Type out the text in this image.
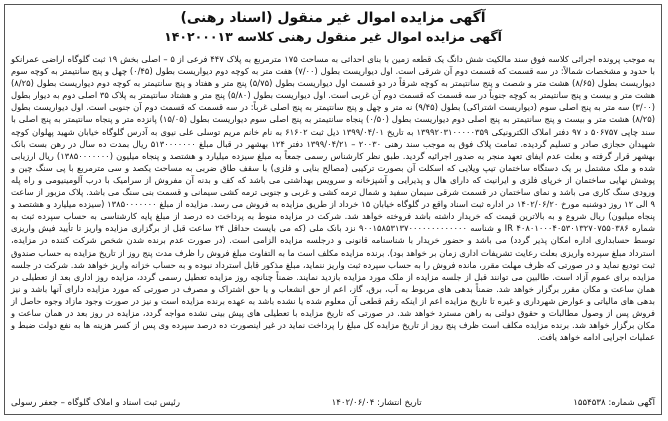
آگهی مزایده اموال غیر منقول (اسناد رهنی)
آگهی مزایده اموال غیر منقول رهنی کلاسه ۱۴۰۲۰۰۰۱۳
به موجب پرونده اجرائی کلاسه فوق سند مالکیت شش دانگ یک قطعه زمین با بنای احداثی به مساحت ۱۷۵ مترمربع به پلاک ۴۴۷ فرعی از ۵ – اصلی بخش ۱۹ ثبت گلوگاه اراضی عمرانکو با حدود و مشخصات شمالاً: در سه قسمت که قسمت دوم آن شرقی است. اول دیواریست بطول (۷/۰۰) هفت متر به کوچه دوم دیواریست بطول (۰/۴۵) چهل و پنج سانتیمتر به کوچه سوم دیواریست بطول (۸/۶۵) هشت متر و شصت و پنج سانتیمتر به کوچه شرقاً در دو قسمت اول دیواریست بطول (۵/۷۵) پنج متر و هفتاد و پنج سانتیمتر به کوچه دوم دیواریست بطول (۸/۲۵) هشت متر و بیست و پنج سانتیمتر به کوچه جنوباً در سه قسمت که قسمت دوم آن غربی است. اول دیواریست بطول (۵/۸۰) پنج متر و هشتاد سانتیمتر به پلاک ۳۵ اصلی دوم به دیوار بطول (۳/۰۰) سه متر به پنج اصلی سوم (دیواریست اشتراکی) بطول (۹/۴۵) نه متر و چهل و پنج سانتیمتر به پنج اصلی غرباً: در سه قسمت که قسمت دوم آن جنوبی است. اول دیواریست بطول (۸/۲۵) هشت متر و بیست و پنج سانتیمتر به پنج اصلی دوم دیواریست بطول (۰/۵۰) پنجاه سانتیمتر به پنج اصلی سوم دیواریست بطول (۱۵/۰۵) پانزده متر و پنجاه سانتیمتر به پنج اصلی با سند چاپی ۵۰۶۷۵۷ د ۹۷ دفتر املاک الکترونیکی ۱۳۹۹۲۰۳۱۰۰۰۰۰۳۵۹ به تاریخ ۱۳۹۹/۰۴/۰۱ ذیل ثبت ۶۱۶۰۲ به نام خانم مریم توسلی علی نیوی به آدرس گلوگاه خیابان شهید پهلوان کوچه شهیدان حجازی صادر و تسلیم گردیده. تمامت پلاک فوق به موجب سند رهنی ۲۰۰۳۰ – ۱۳۹۹/۰۴/۲۱ دفتر ۱۲۴ بهشهر در قبال مبلغ ۵۱۳۰۰۰۰۰۰۰ ریال بمدت ده سال در رهن بست بانک بهشهر قرار گرفته و بعلت عدم ایفای تعهد منجر به صدور اجرائیه گردید. طبق نظر کارشناس رسمی جمعاً به مبلغ سیزده میلیارد و هشتصد و پنجاه میلیون (۱۳۸۵۰۰۰۰۰۰۰) ریال ارزیابی شده و ملک مشتمل بر یک دستگاه ساختمان تیپ ویلایی که اسکلت آن بصورت ترکیبی (مصالح بنایی و فلزی) با سقف طاق ضربی به مساحت یکصد و سی مترمربع با پی سنگ چین و پوشش نهایی ساختمان از خرپای فلزی و ایرانیت که دارای هال و پذیرایی و آشپزخانه و سرویس بهداشتی می باشد که کف و بدنه آن مفروش از سرامیک با درب آلومینیومی و راه پله ورودی سنگ کاری می باشد و نمای ساختمان در قسمت شرقی سیمان سفید و شمال ترمه کشی و غربی و جنوبی ترمه کشی سیمانی و قسمت بنی سنگ می باشد. پلاک مزبور از ساعت ۹ الی ۱۲ روز دوشنبه مورخ ۱۴۰۲/۰۶/۲۰ در اداره ثبت اسناد واقع در گلوگاه خیابان ۱۵ خرداد از طریق مزایده به فروش می رسد. مزایده از مبلغ ۱۳۸۵۰۰۰۰۰۰۰ (سیزده میلیارد و هشتصد و پنجاه میلیون) ریال شروع و به بالاترین قیمت که خریدار داشته باشد فروخته خواهد شد. شرکت در مزایده منوط به پرداخت ده درصد از مبلغ پایه کارشناسی به حساب سپرده ثبت به شماره ۴۰۸۰۱۰۰۰۴۰۵۳۰۱۳۲۷۰۷۵۵۰۳۸۶ IR و شناسه ۹۰۰۱۵۸۵۳۱۳۷۰۰۰۰۰۰۰۰۰۰۰۰۰ نزد بانک ملی (که می بایست حداقل ۲۴ ساعت قبل از برگزاری مزایده واریز تا تأیید فیش واریزی توسط حسابداری اداره امکان پذیر گردد) می باشد و حضور خریدار با شناسنامه قانونی و درجلسه مزایده الزامی است. (در صورت عدم برنده شدن شخص شرکت کننده در مزایده، استرداد مبلغ سپرده واریزی بعلت رعایت تشریفات اداری زمان بر خواهد بود). برنده مزایده مکلف است ما به التفاوت مبلغ فروش را ظرف مدت پنج روز از تاریخ مزایده به حساب صندوق ثبت تودیع نماید و در صورتی که ظرف مهلت مقرر، مانده فروش را به حساب سپرده ثبت واریز ننماید، مبلغ مذکور قابل استرداد نبوده و به حساب خزانه واریز خواهد شد. شرکت در جلسه مزایده برای عموم آزاد است. طالبین می توانند قبل از جلسه مزایده از ملک مورد مزایده بازدید نمایند. ضمناً چنانچه روز مزایده تعطیل رسمی گردد، مزایده روز اداری بعد از تعطیلی در همان ساعت و مکان مقرر برگزار خواهد شد. ضمناً بدهی های مربوط به آب، برق، گاز، اعم از حق انشعاب و یا حق اشتراک و مصرف در صورتی که مورد مزایده دارای آنها باشد و نیز بدهی های مالیاتی و عوارض شهرداری و غیره تا تاریخ مزایده اعم از اینکه رقم قطعی آن معلوم شده یا نشده باشد به عهده برنده مزایده است و نیز در صورت وجود مازاد وجوه حاصل از فروش پس از وصول مطالبات و حقوق دولتی به راهن مسترد خواهد شد. در صورتی که تاریخ مزایده با تعطیلی های پیش بینی نشده مواجه گردد، مزایده در روز بعد در همان ساعت و مکان برگزار خواهد شد. برنده مزایده مکلف است ظرف پنج روز از تاریخ مزایده کل مبلغ را پرداخت نماید در غیر اینصورت ده درصد سپرده وی پس از کسر هزینه ها به نفع دولت ضبط و عملیات اجرایی ادامه خواهد یافت.
آگهی شماره: ۱۵۵۴۵۳۸
تاریخ انتشار: ۱۴۰۲/۰۶/۰۴
رئیس ثبت اسناد و املاک گلوگاه – جعفر رسولی
